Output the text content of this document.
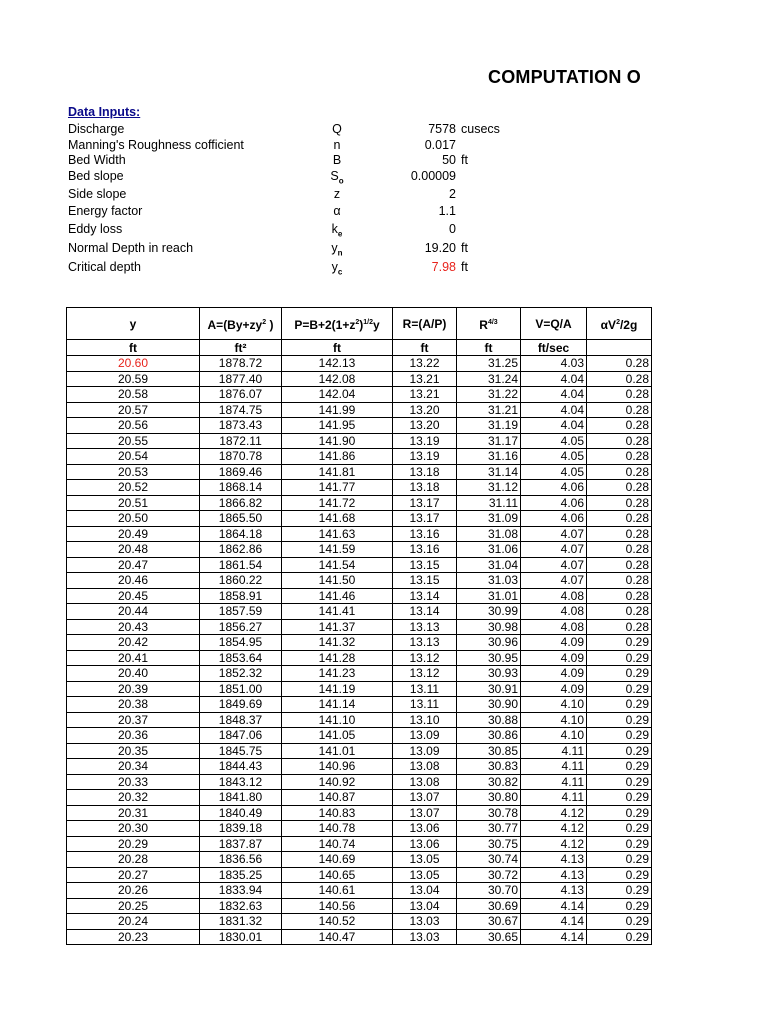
COMPUTATION O
Data Inputs:
Discharge	Q	7578 cusecs
Manning's Roughness cofficient	n	0.017
Bed Width	B	50 ft
Bed slope	$S_o$	0.00009
Side slope	z	2
Energy factor	α	1.1
Eddy loss	$k_e$	0
Normal Depth in reach	$y_n$	19.20 ft
Critical depth	$y_c$	7.98 ft
y	$A=(By+zy^2$ )	$P=B+2(1+z^2)^{1/2}y$	R=(A/P)	$R^{4/3}$	V=Q/A	$\alpha V^2/2g$
ft	ft²	ft	ft	ft	ft/sec	
20.60	1878.72	142.13	13.22	31.25	4.03	0.28
20.59	1877.40	142.08	13.21	31.24	4.04	0.28
20.58	1876.07	142.04	13.21	31.22	4.04	0.28
20.57	1874.75	141.99	13.20	31.21	4.04	0.28
20.56	1873.43	141.95	13.20	31.19	4.04	0.28
20.55	1872.11	141.90	13.19	31.17	4.05	0.28
20.54	1870.78	141.86	13.19	31.16	4.05	0.28
20.53	1869.46	141.81	13.18	31.14	4.05	0.28
20.52	1868.14	141.77	13.18	31.12	4.06	0.28
20.51	1866.82	141.72	13.17	31.11	4.06	0.28
20.50	1865.50	141.68	13.17	31.09	4.06	0.28
20.49	1864.18	141.63	13.16	31.08	4.07	0.28
20.48	1862.86	141.59	13.16	31.06	4.07	0.28
20.47	1861.54	141.54	13.15	31.04	4.07	0.28
20.46	1860.22	141.50	13.15	31.03	4.07	0.28
20.45	1858.91	141.46	13.14	31.01	4.08	0.28
20.44	1857.59	141.41	13.14	30.99	4.08	0.28
20.43	1856.27	141.37	13.13	30.98	4.08	0.28
20.42	1854.95	141.32	13.13	30.96	4.09	0.29
20.41	1853.64	141.28	13.12	30.95	4.09	0.29
20.40	1852.32	141.23	13.12	30.93	4.09	0.29
20.39	1851.00	141.19	13.11	30.91	4.09	0.29
20.38	1849.69	141.14	13.11	30.90	4.10	0.29
20.37	1848.37	141.10	13.10	30.88	4.10	0.29
20.36	1847.06	141.05	13.09	30.86	4.10	0.29
20.35	1845.75	141.01	13.09	30.85	4.11	0.29
20.34	1844.43	140.96	13.08	30.83	4.11	0.29
20.33	1843.12	140.92	13.08	30.82	4.11	0.29
20.32	1841.80	140.87	13.07	30.80	4.11	0.29
20.31	1840.49	140.83	13.07	30.78	4.12	0.29
20.30	1839.18	140.78	13.06	30.77	4.12	0.29
20.29	1837.87	140.74	13.06	30.75	4.12	0.29
20.28	1836.56	140.69	13.05	30.74	4.13	0.29
20.27	1835.25	140.65	13.05	30.72	4.13	0.29
20.26	1833.94	140.61	13.04	30.70	4.13	0.29
20.25	1832.63	140.56	13.04	30.69	4.14	0.29
20.24	1831.32	140.52	13.03	30.67	4.14	0.29
20.23	1830.01	140.47	13.03	30.65	4.14	0.29
